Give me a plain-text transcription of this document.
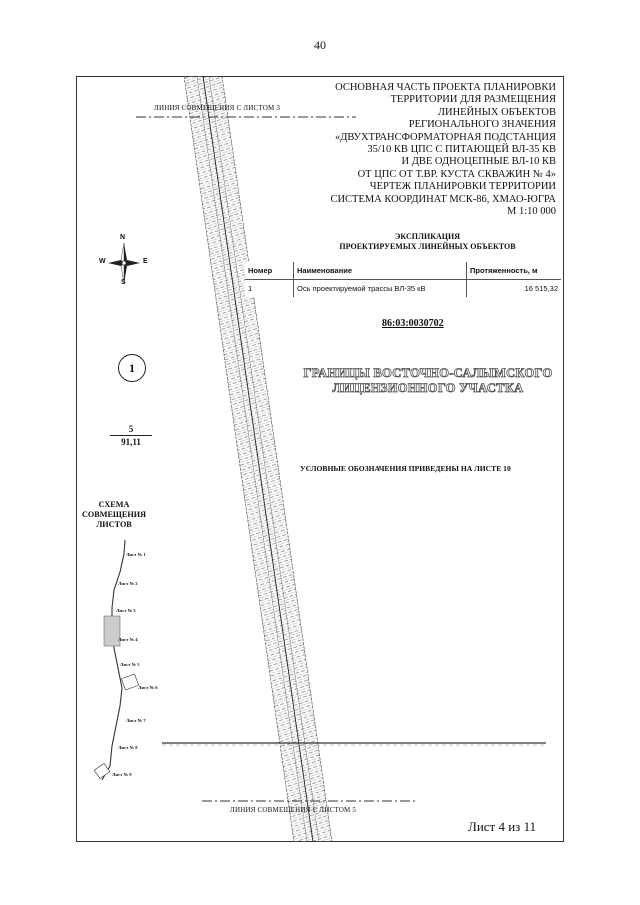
40
N
S
W	E
ЛИНИЯ СОВМЕЩЕНИЯ С ЛИСТОМ 3
ЛИНИЯ СОВМЕЩЕНИЯ С ЛИСТОМ 5
ОСНОВНАЯ ЧАСТЬ ПРОЕКТА ПЛАНИРОВКИ
ТЕРРИТОРИИ ДЛЯ РАЗМЕЩЕНИЯ
ЛИНЕЙНЫХ ОБЪЕКТОВ
РЕГИОНАЛЬНОГО ЗНАЧЕНИЯ
«ДВУХТРАНСФОРМАТОРНАЯ ПОДСТАНЦИЯ
35/10 КВ ЦПС С ПИТАЮЩЕЙ ВЛ-35 КВ
И ДВЕ ОДНОЦЕПНЫЕ ВЛ-10 КВ
ОТ ЦПС ОТ Т.ВР. КУСТА СКВАЖИН № 4»
ЧЕРТЕЖ ПЛАНИРОВКИ ТЕРРИТОРИИ
СИСТЕМА КООРДИНАТ МСК-86, ХМАО-ЮГРА
М 1:10 000
ЭКСПЛИКАЦИЯ
ПРОЕКТИРУЕМЫХ ЛИНЕЙНЫХ ОБЪЕКТОВ
Номер	Наименование	Протяженность, м
1	Ось проектируемой трассы ВЛ-35 кВ	16 515,32
86:03:0030702
ГРАНИЦЫ ВОСТОЧНО-САЛЫМСКОГО
ЛИЦЕНЗИОННОГО УЧАСТКА
УСЛОВНЫЕ ОБОЗНАЧЕНИЯ ПРИВЕДЕНЫ НА ЛИСТЕ 10
1
$\frac{5}{91,11}$
СХЕМА
СОВМЕЩЕНИЯ
ЛИСТОВ
Лист № 1
Лист № 2
Лист № 3
Лист № 4
Лист № 5
Лист № 6
Лист № 7
Лист № 8
Лист № 9
Лист 4 из 11
